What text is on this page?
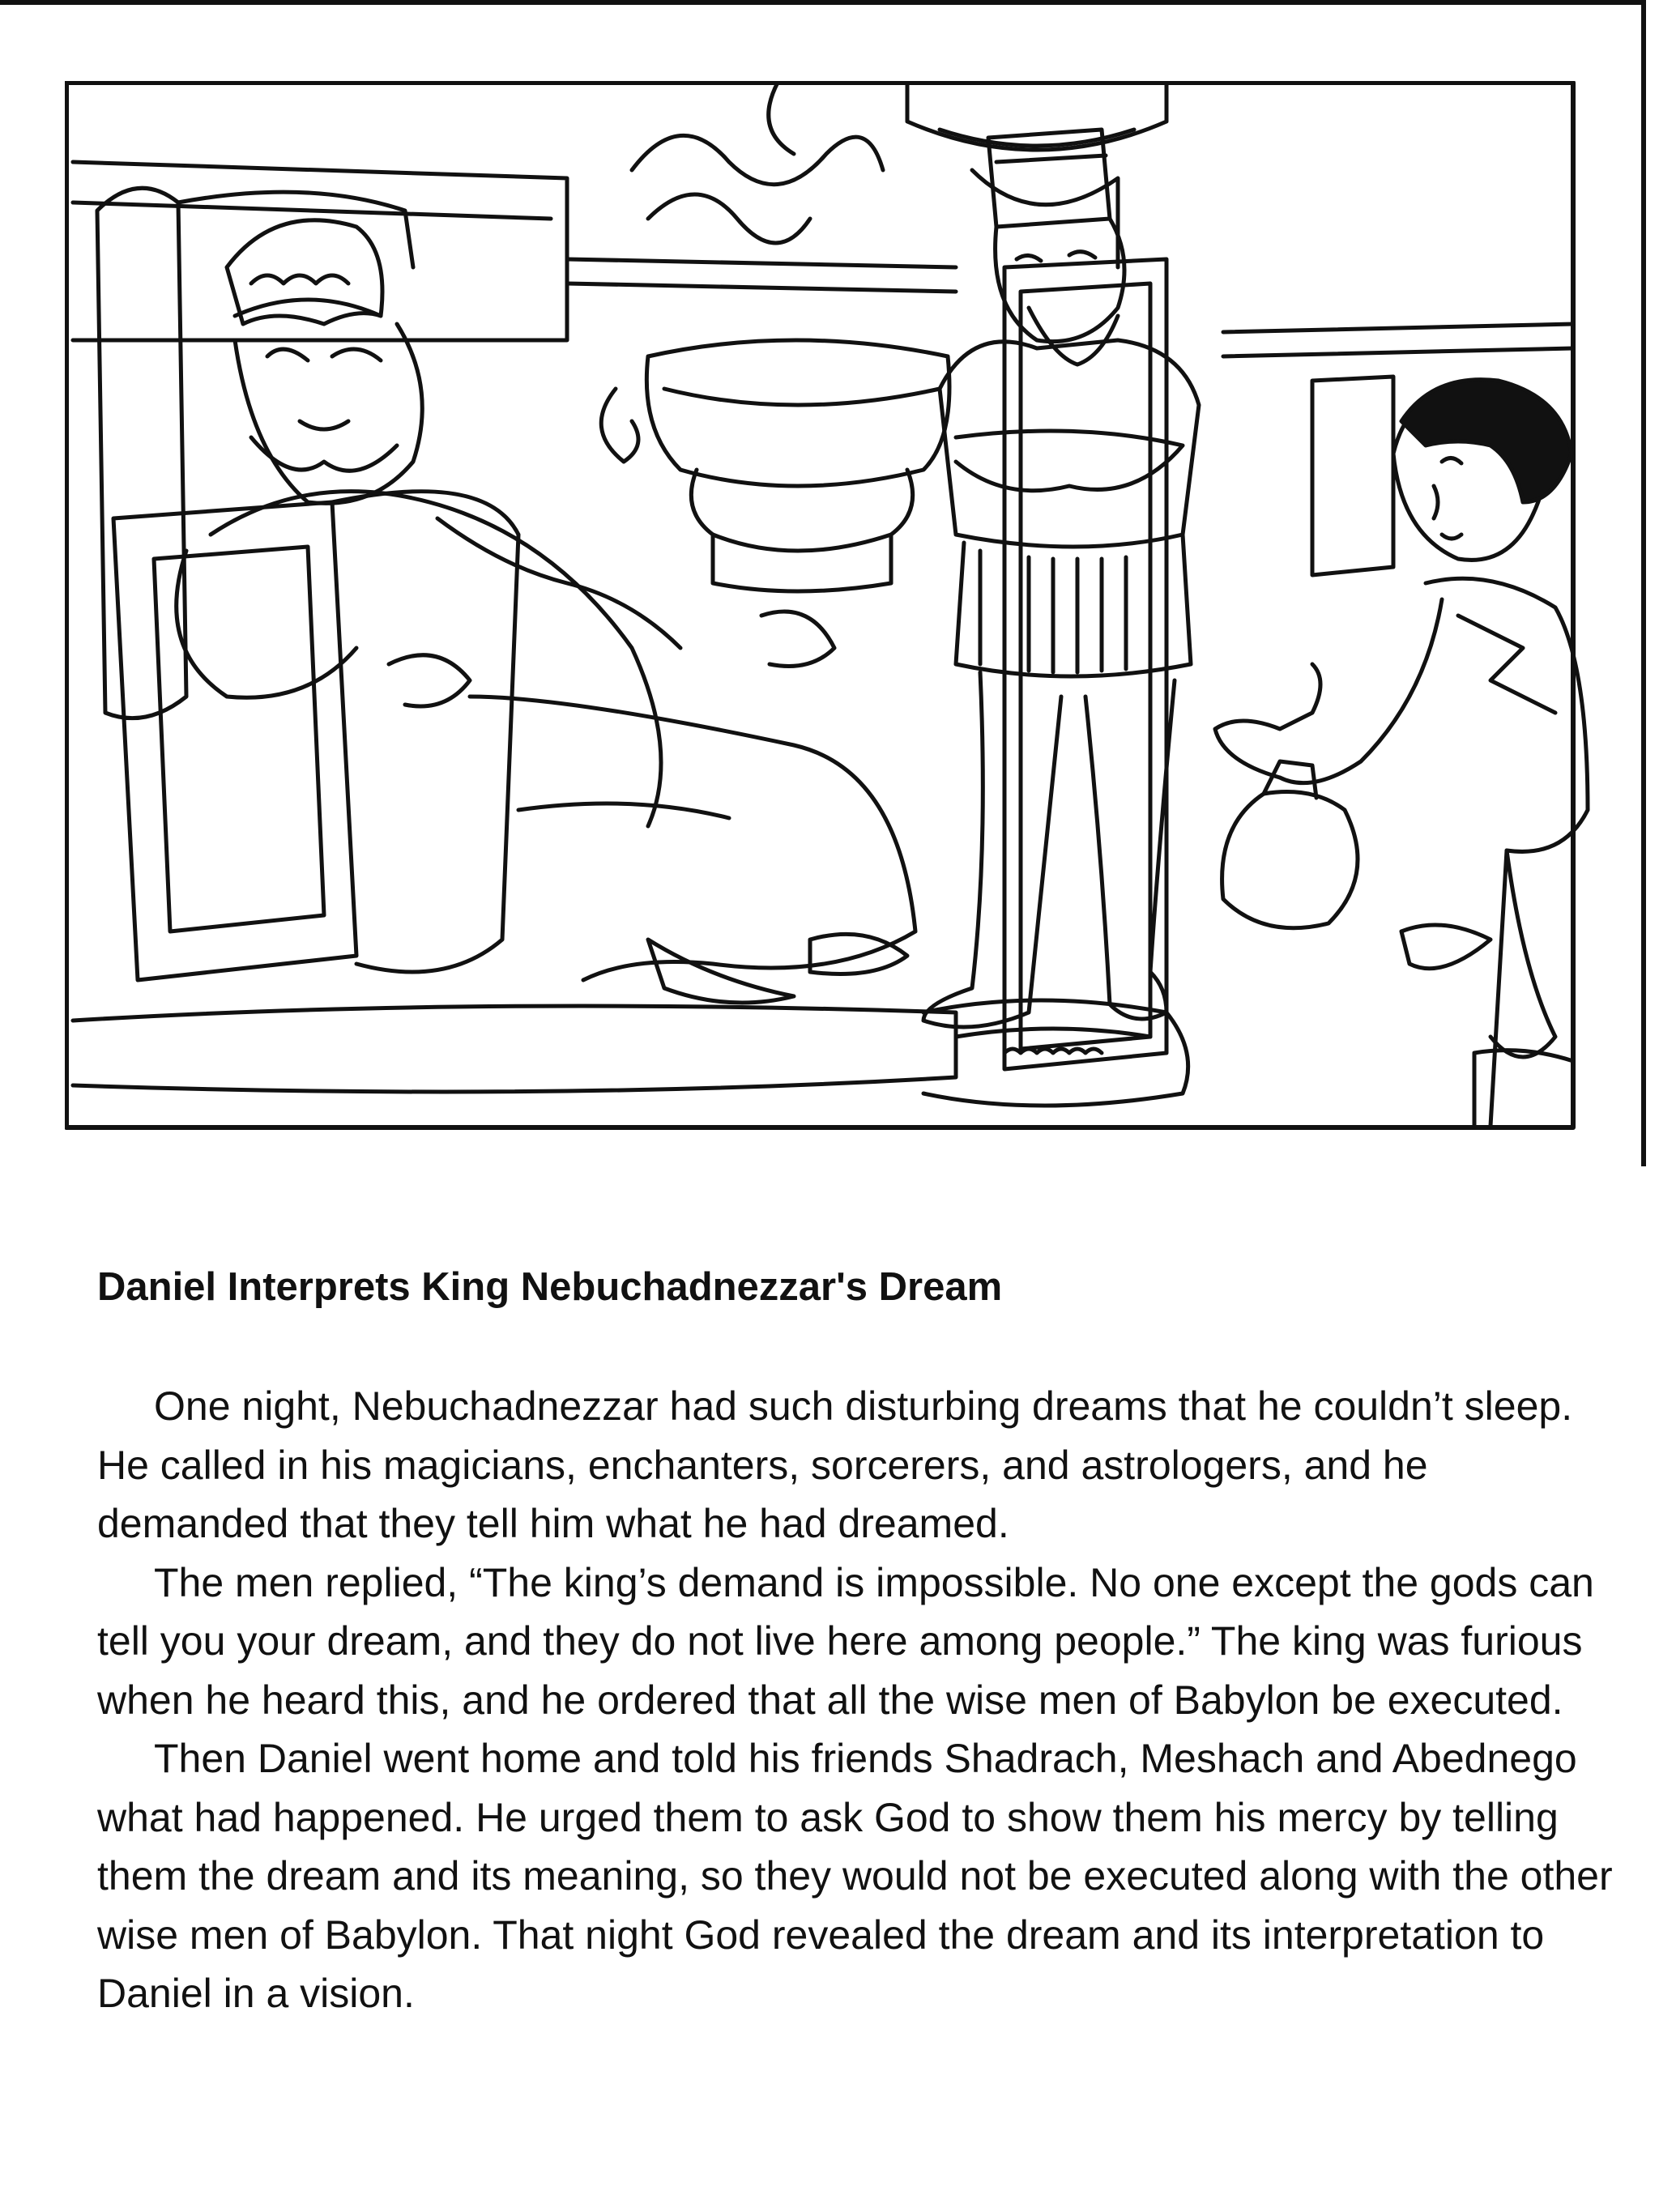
Daniel Interprets King Nebuchadnezzar's Dream

One night, Nebuchadnezzar had such disturbing dreams that he couldn’t sleep. He called in his magicians, enchanters, sorcerers, and astrologers, and he demanded that they tell him what he had dreamed.

The men replied, “The king’s demand is impossible. No one except the gods can tell you your dream, and they do not live here among people.” The king was furious when he heard this, and he ordered that all the wise men of Babylon be executed.

Then Daniel went home and told his friends Shadrach, Meshach and Abednego what had happened. He urged them to ask God to show them his mercy by telling them the dream and its meaning, so they would not be executed along with the other wise men of Babylon. That night God revealed the dream and its interpretation to Daniel in a vision.
